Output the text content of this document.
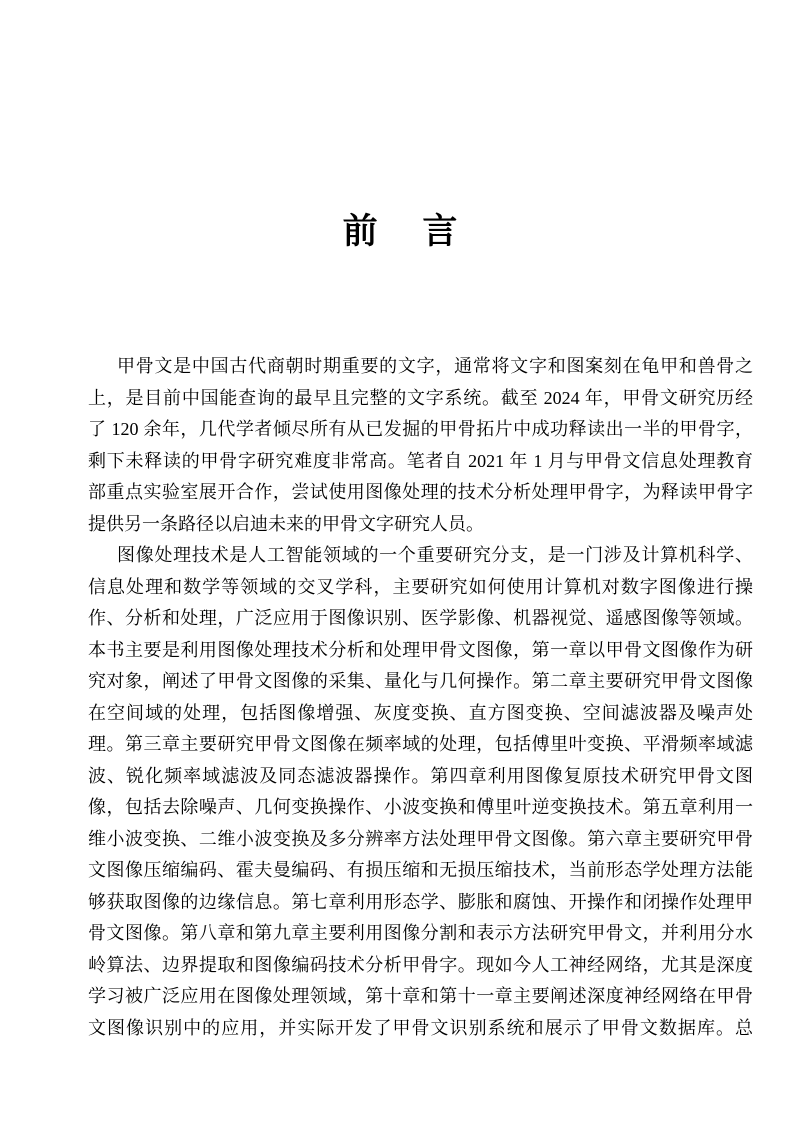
前 言
甲骨文是中国古代商朝时期重要的文字，通常将文字和图案刻在龟甲和兽骨之
上，是目前中国能查询的最早且完整的文字系统。截至 2024 年，甲骨文研究历经
了 120 余年，几代学者倾尽所有从已发掘的甲骨拓片中成功释读出一半的甲骨字，
剩下未释读的甲骨字研究难度非常高。笔者自 2021 年 1 月与甲骨文信息处理教育
部重点实验室展开合作，尝试使用图像处理的技术分析处理甲骨字，为释读甲骨字
提供另一条路径以启迪未来的甲骨文字研究人员。
图像处理技术是人工智能领域的一个重要研究分支，是一门涉及计算机科学、
信息处理和数学等领域的交叉学科，主要研究如何使用计算机对数字图像进行操
作、分析和处理，广泛应用于图像识别、医学影像、机器视觉、遥感图像等领域。
本书主要是利用图像处理技术分析和处理甲骨文图像，第一章以甲骨文图像作为研
究对象，阐述了甲骨文图像的采集、量化与几何操作。第二章主要研究甲骨文图像
在空间域的处理，包括图像增强、灰度变换、直方图变换、空间滤波器及噪声处
理。第三章主要研究甲骨文图像在频率域的处理，包括傅里叶变换、平滑频率域滤
波、锐化频率域滤波及同态滤波器操作。第四章利用图像复原技术研究甲骨文图
像，包括去除噪声、几何变换操作、小波变换和傅里叶逆变换技术。第五章利用一
维小波变换、二维小波变换及多分辨率方法处理甲骨文图像。第六章主要研究甲骨
文图像压缩编码、霍夫曼编码、有损压缩和无损压缩技术，当前形态学处理方法能
够获取图像的边缘信息。第七章利用形态学、膨胀和腐蚀、开操作和闭操作处理甲
骨文图像。第八章和第九章主要利用图像分割和表示方法研究甲骨文，并利用分水
岭算法、边界提取和图像编码技术分析甲骨字。现如今人工神经网络，尤其是深度
学习被广泛应用在图像处理领域，第十章和第十一章主要阐述深度神经网络在甲骨
文图像识别中的应用，并实际开发了甲骨文识别系统和展示了甲骨文数据库。总
